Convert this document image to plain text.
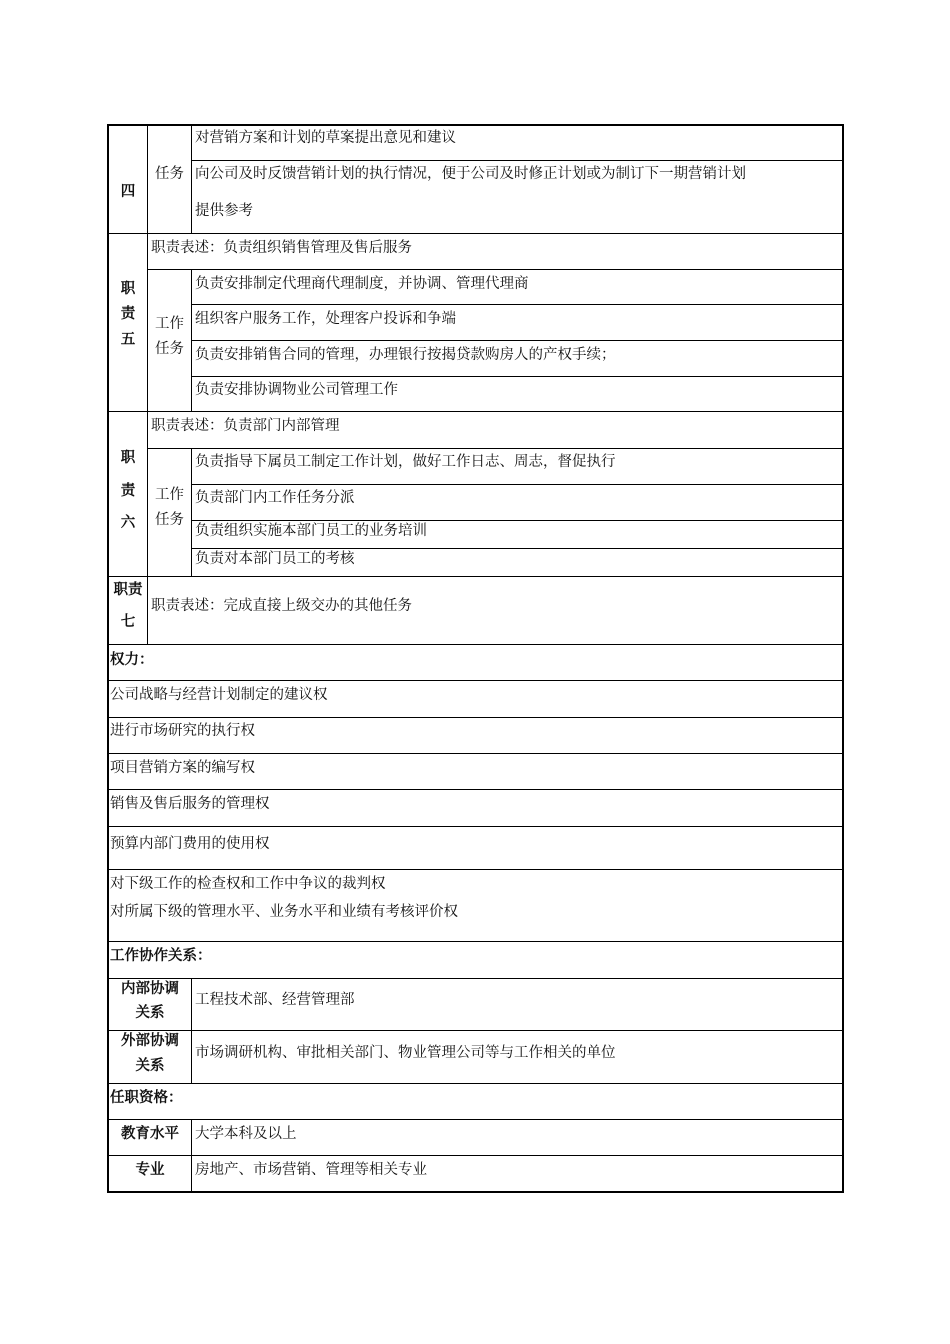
四
任务
对营销方案和计划的草案提出意见和建议
向公司及时反馈营销计划的执行情况，便于公司及时修正计划或为制订下一期营销计划
提供参考
职
责
五
职责表述：负责组织销售管理及售后服务
工作
任务
负责安排制定代理商代理制度，并协调、管理代理商
组织客户服务工作，处理客户投诉和争端
负责安排销售合同的管理，办理银行按揭贷款购房人的产权手续；
负责安排协调物业公司管理工作
职
责
六
职责表述：负责部门内部管理
工作
任务
负责指导下属员工制定工作计划，做好工作日志、周志，督促执行
负责部门内工作任务分派
负责组织实施本部门员工的业务培训
负责对本部门员工的考核
职责
七
职责表述：完成直接上级交办的其他任务
权力：
公司战略与经营计划制定的建议权
进行市场研究的执行权
项目营销方案的编写权
销售及售后服务的管理权
预算内部门费用的使用权
对下级工作的检查权和工作中争议的裁判权
对所属下级的管理水平、业务水平和业绩有考核评价权
工作协作关系：
内部协调
关系
工程技术部、经营管理部
外部协调
关系
市场调研机构、审批相关部门、物业管理公司等与工作相关的单位
任职资格：
教育水平	大学本科及以上
专业	房地产、市场营销、管理等相关专业
